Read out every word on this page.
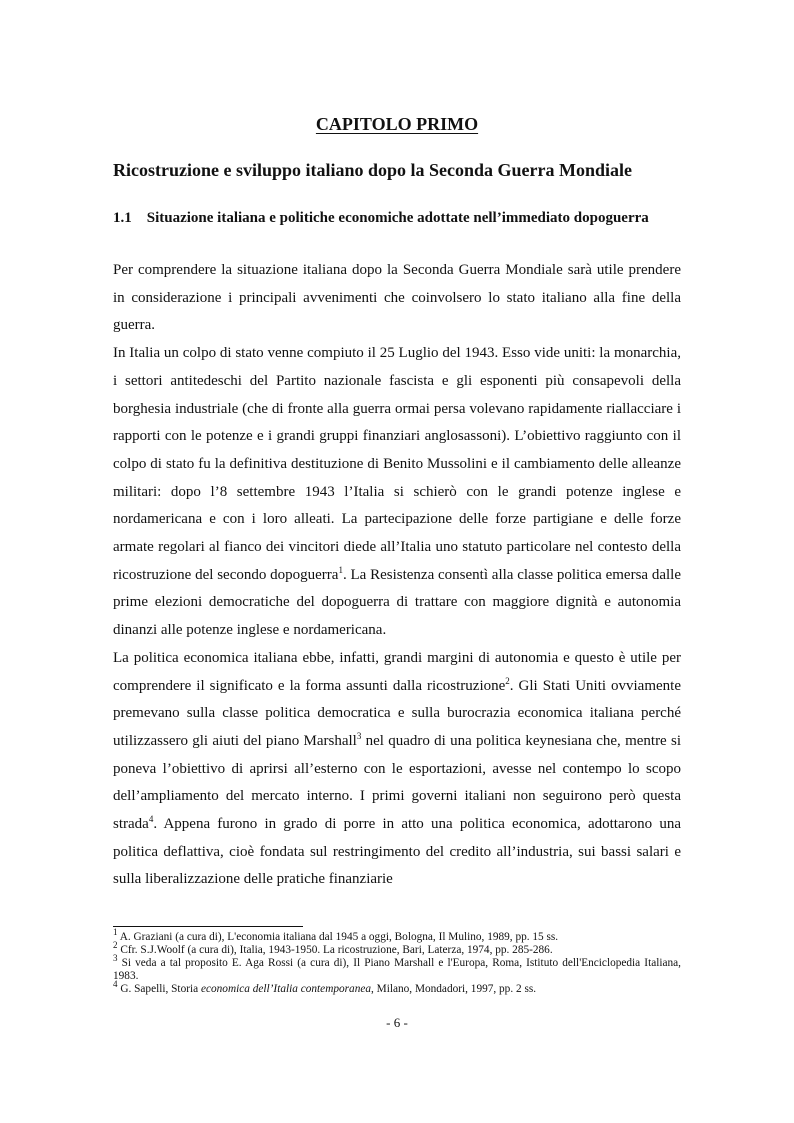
CAPITOLO PRIMO
Ricostruzione e sviluppo italiano dopo la Seconda Guerra Mondiale
1.1 Situazione italiana e politiche economiche adottate nell’immediato dopoguerra

Per comprendere la situazione italiana dopo la Seconda Guerra Mondiale sarà utile prendere in considerazione i principali avvenimenti che coinvolsero lo stato italiano alla fine della guerra.

In Italia un colpo di stato venne compiuto il 25 Luglio del 1943. Esso vide uniti: la monarchia, i settori antitedeschi del Partito nazionale fascista e gli esponenti più consapevoli della borghesia industriale (che di fronte alla guerra ormai persa volevano rapidamente riallacciare i rapporti con le potenze e i grandi gruppi finanziari anglosassoni). L’obiettivo raggiunto con il colpo di stato fu la definitiva destituzione di Benito Mussolini e il cambiamento delle alleanze militari: dopo l’8 settembre 1943 l’Italia si schierò con le grandi potenze inglese e nordamericana e con i loro alleati. La partecipazione delle forze partigiane e delle forze armate regolari al fianco dei vincitori diede all’Italia uno statuto particolare nel contesto della ricostruzione del secondo dopoguerra$^1$. La Resistenza consentì alla classe politica emersa dalle prime elezioni democratiche del dopoguerra di trattare con maggiore dignità e autonomia dinanzi alle potenze inglese e nordamericana.

La politica economica italiana ebbe, infatti, grandi margini di autonomia e questo è utile per comprendere il significato e la forma assunti dalla ricostruzione$^2$. Gli Stati Uniti ovviamente premevano sulla classe politica democratica e sulla burocrazia economica italiana perché utilizzassero gli aiuti del piano Marshall$^3$ nel quadro di una politica keynesiana che, mentre si poneva l’obiettivo di aprirsi all’esterno con le esportazioni, avesse nel contempo lo scopo dell’ampliamento del mercato interno. I primi governi italiani non seguirono però questa strada$^4$. Appena furono in grado di porre in atto una politica economica, adottarono una politica deflattiva, cioè fondata sul restringimento del credito all’industria, sui bassi salari e sulla liberalizzazione delle pratiche finanziarie

$^1$ A. Graziani (a cura di), L'economia italiana dal 1945 a oggi, Bologna, Il Mulino, 1989, pp. 15 ss.

$^2$ Cfr. S.J.Woolf (a cura di), Italia, 1943-1950. La ricostruzione, Bari, Laterza, 1974, pp. 285-286.

$^3$ Si veda a tal proposito E. Aga Rossi (a cura di), Il Piano Marshall e l'Europa, Roma, Istituto dell'Enciclopedia Italiana, 1983.

$^4$ G. Sapelli, Storia economica dell’Italia contemporanea, Milano, Mondadori, 1997, pp. 2 ss.

- 6 -
